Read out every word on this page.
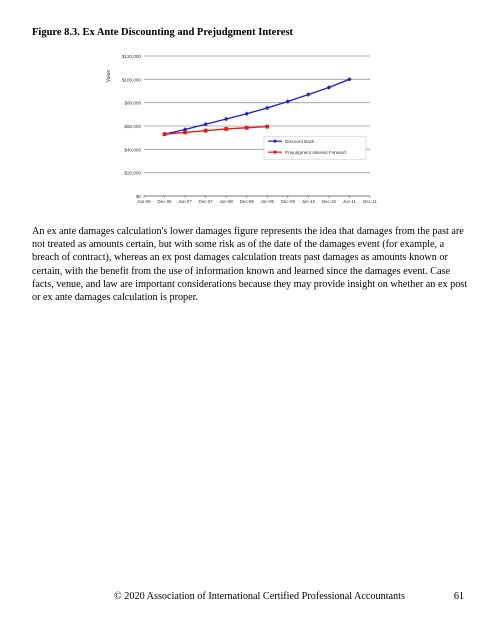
Figure 8.3. Ex Ante Discounting and Prejudgment Interest
$0
$20,000
$40,000
$60,000
$80,000
$100,000
$120,000
Jun-06 Dec-06 Jun-07 Dec-07 Jun-08 Dec-08 Jun-09 Dec-09 Jun-10 Dec-10 Jun-11 Dec-11
Value
Discount Back
Prejudgment Interest Forward

An ex ante damages calculation's lower damages figure represents the idea that damages from the past are not treated as amounts certain, but with some risk as of the date of the damages event (for example, a breach of contract), whereas an ex post damages calculation treats past damages as amounts known or certain, with the benefit from the use of information known and learned since the damages event. Case facts, venue, and law are important considerations because they may provide insight on whether an ex post or ex ante damages calculation is proper.

© 2020 Association of International Certified Professional Accountants	61
